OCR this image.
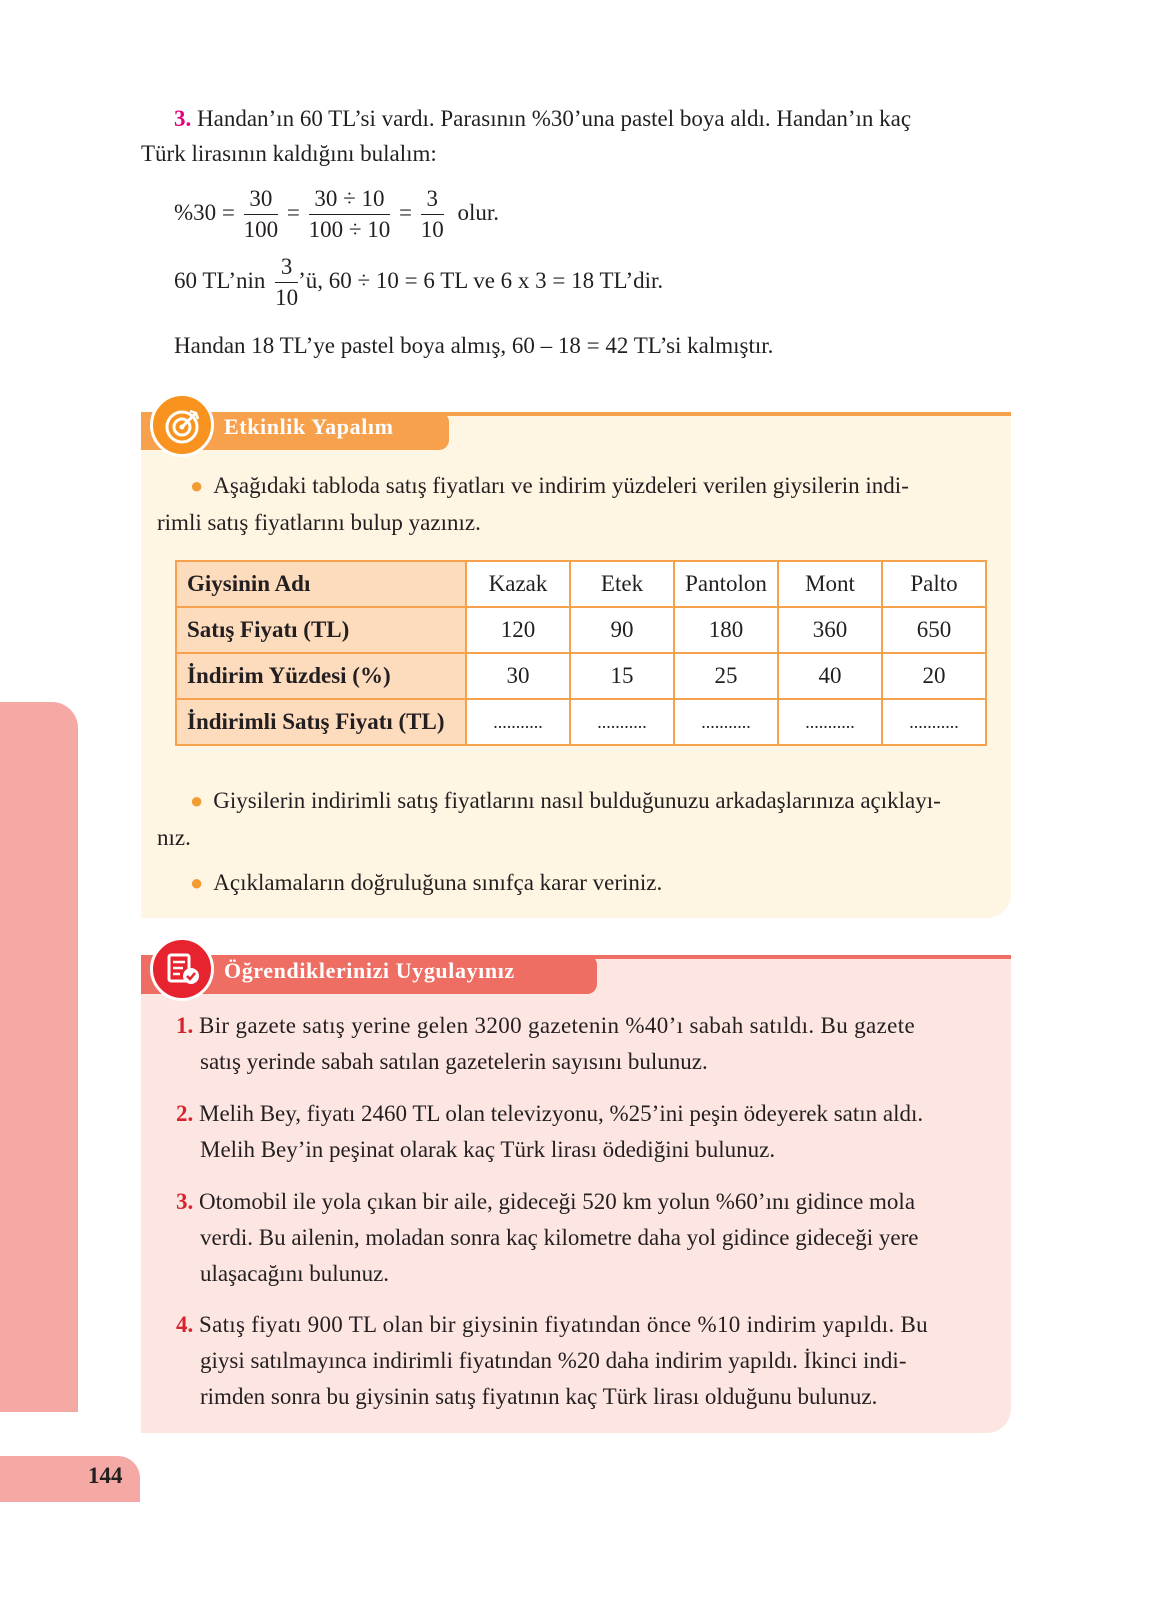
144
3. Handan’ın 60 TL’si vardı. Parasının %30’una pastel boya aldı. Handan’ın kaç
Türk lirasının kaldığını bulalım:
$\%30 = \frac{30}{100} = \frac{30 \div 10}{100 \div 10} = \frac{3}{10}$ olur.
60 TL’nin $\frac{3}{10}$ ’ü, 60 ÷ 10 = 6 TL ve 6 x 3 = 18 TL’dir.
Handan 18 TL’ye pastel boya almış, 60 – 18 = 42 TL’si kalmıştır.
Etkinlik Yapalım
● Aşağıdaki tabloda satış fiyatları ve indirim yüzdeleri verilen giysilerin indi-
rimli satış fiyatlarını bulup yazınız.
Giysinin Adı	Kazak	Etek	Pantolon	Mont	Palto
Satış Fiyatı (TL)	120	90	180	360	650
İndirim Yüzdesi (%)	30	15	25	40	20
İndirimli Satış Fiyatı (TL)	...........	...........	...........	...........	...........
● Giysilerin indirimli satış fiyatlarını nasıl bulduğunuzu arkadaşlarınıza açıklayı-
nız.
● Açıklamaların doğruluğuna sınıfça karar veriniz.
Öğrendiklerinizi Uygulayınız
1. Bir gazete satış yerine gelen 3200 gazetenin %40’ı sabah satıldı. Bu gazete
satış yerinde sabah satılan gazetelerin sayısını bulunuz.
2. Melih Bey, fiyatı 2460 TL olan televizyonu, %25’ini peşin ödeyerek satın aldı.
Melih Bey’in peşinat olarak kaç Türk lirası ödediğini bulunuz.
3. Otomobil ile yola çıkan bir aile, gideceği 520 km yolun %60’ını gidince mola
verdi. Bu ailenin, moladan sonra kaç kilometre daha yol gidince gideceği yere
ulaşacağını bulunuz.
4. Satış fiyatı 900 TL olan bir giysinin fiyatından önce %10 indirim yapıldı. Bu
giysi satılmayınca indirimli fiyatından %20 daha indirim yapıldı. İkinci indi-
rimden sonra bu giysinin satış fiyatının kaç Türk lirası olduğunu bulunuz.
